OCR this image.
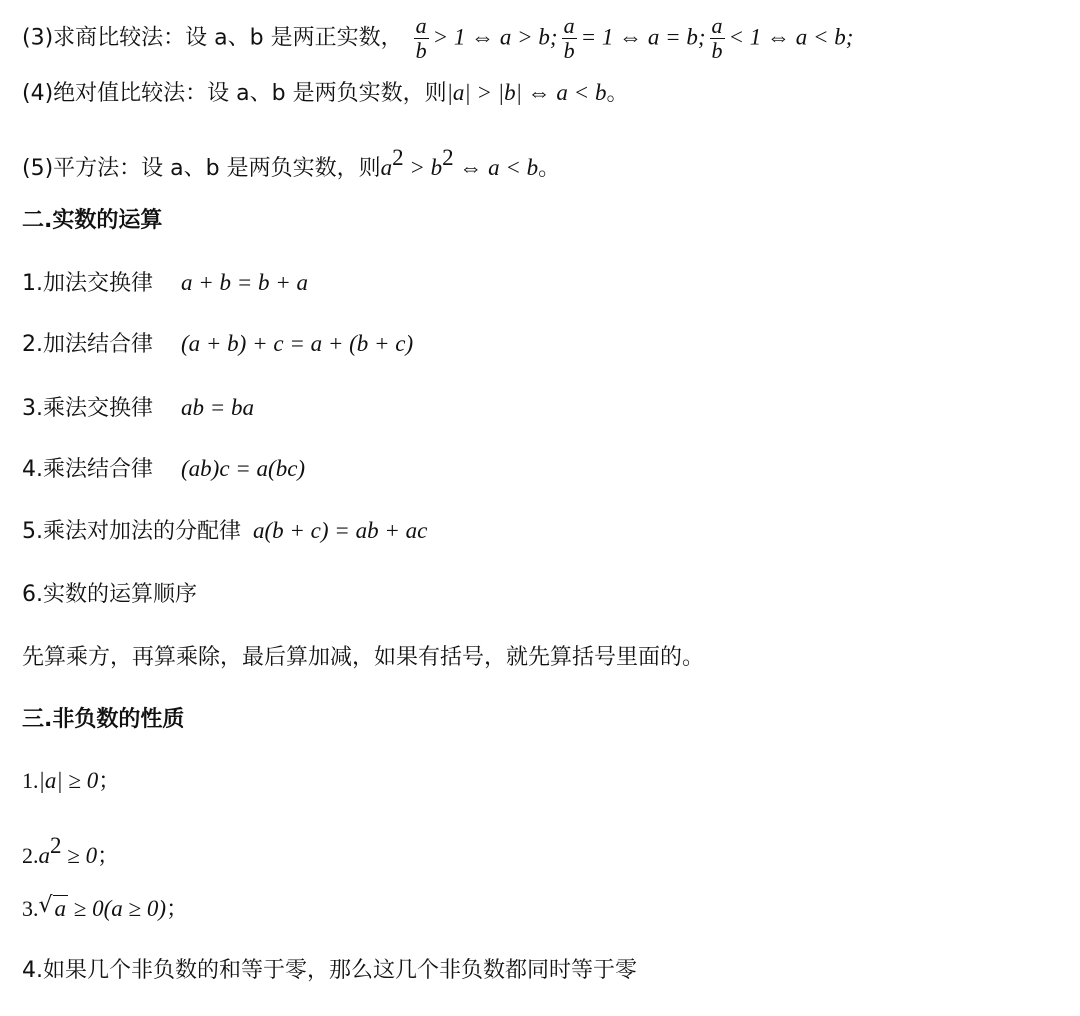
(3)求商比较法：设 a、b 是两正实数， $\frac{a}{b} > 1$ ⇔ a > b; $\frac{a}{b} = 1$ ⇔ a = b; $\frac{a}{b} < 1$ ⇔ a < b;
(4)绝对值比较法：设 a、b 是两负实数，则|a| > |b| ⇔ a < b。
(5)平方法：设 a、b 是两负实数，则$a^2 > b^2$ ⇔ a < b。
二.实数的运算
1.加法交换律 a + b = b + a
2.加法结合律 (a + b) + c = a + (b + c)
3.乘法交换律 ab = ba
4.乘法结合律 (ab)c = a(bc)
5.乘法对加法的分配律 a(b + c) = ab + ac
6.实数的运算顺序
先算乘方，再算乘除，最后算加减，如果有括号，就先算括号里面的。
三.非负数的性质
1.|a| ≥ 0；
$2.a^2 \ge 0$；
3. √ a ≥ 0(a ≥ 0)；
4.如果几个非负数的和等于零，那么这几个非负数都同时等于零
